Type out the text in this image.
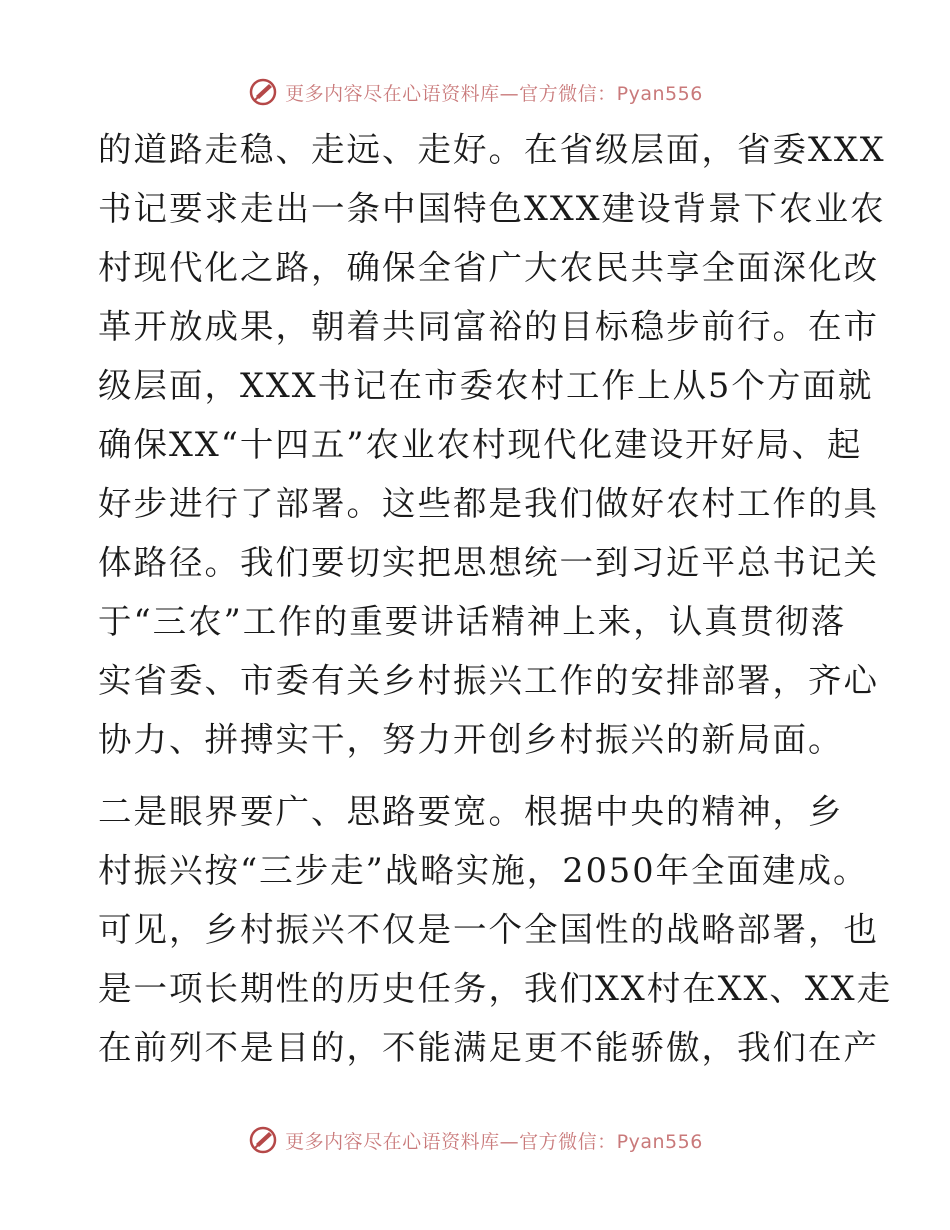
更多内容尽在心语资料库—官方微信：Pyan556
的道路走稳、走远、走好。在省级层面，省委XXX
书记要求走出一条中国特色XXX建设背景下农业农
村现代化之路，确保全省广大农民共享全面深化改
革开放成果，朝着共同富裕的目标稳步前行。在市
级层面，XXX书记在市委农村工作上从5个方面就
确保XX“十四五”农业农村现代化建设开好局、起
好步进行了部署。这些都是我们做好农村工作的具
体路径。我们要切实把思想统一到习近平总书记关
于“三农”工作的重要讲话精神上来，认真贯彻落
实省委、市委有关乡村振兴工作的安排部署，齐心
协力、拼搏实干，努力开创乡村振兴的新局面。
二是眼界要广、思路要宽。根据中央的精神，乡
村振兴按“三步走”战略实施，2050年全面建成。
可见，乡村振兴不仅是一个全国性的战略部署，也
是一项长期性的历史任务，我们XX村在XX、XX走
在前列不是目的，不能满足更不能骄傲，我们在产
更多内容尽在心语资料库—官方微信：Pyan556
